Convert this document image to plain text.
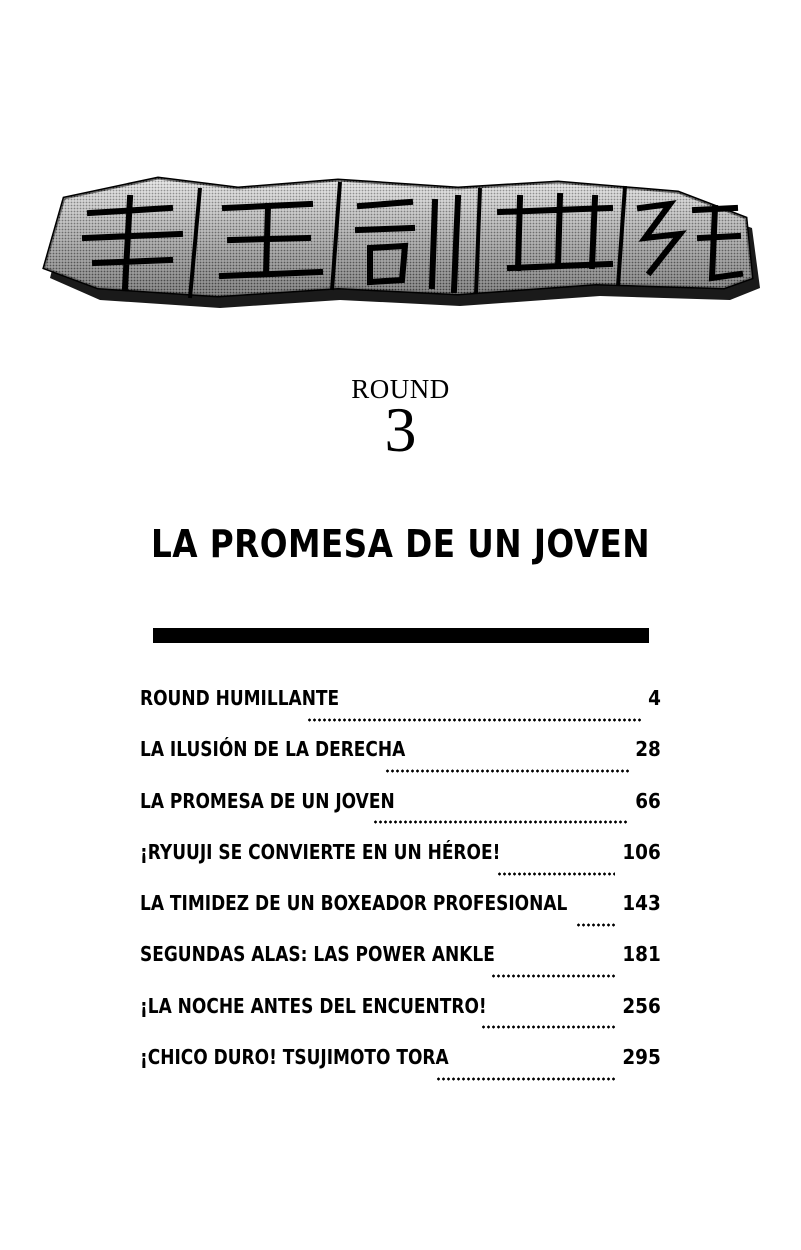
ROUND
3
LA PROMESA DE UN JOVEN
ROUND HUMILLANTE	4
LA ILUSIÓN DE LA DERECHA	28
LA PROMESA DE UN JOVEN	66
¡RYUUJI SE CONVIERTE EN UN HÉROE!	106
LA TIMIDEZ DE UN BOXEADOR PROFESIONAL	143
SEGUNDAS ALAS: LAS POWER ANKLE	181
¡LA NOCHE ANTES DEL ENCUENTRO!	256
¡CHICO DURO! TSUJIMOTO TORA	295
